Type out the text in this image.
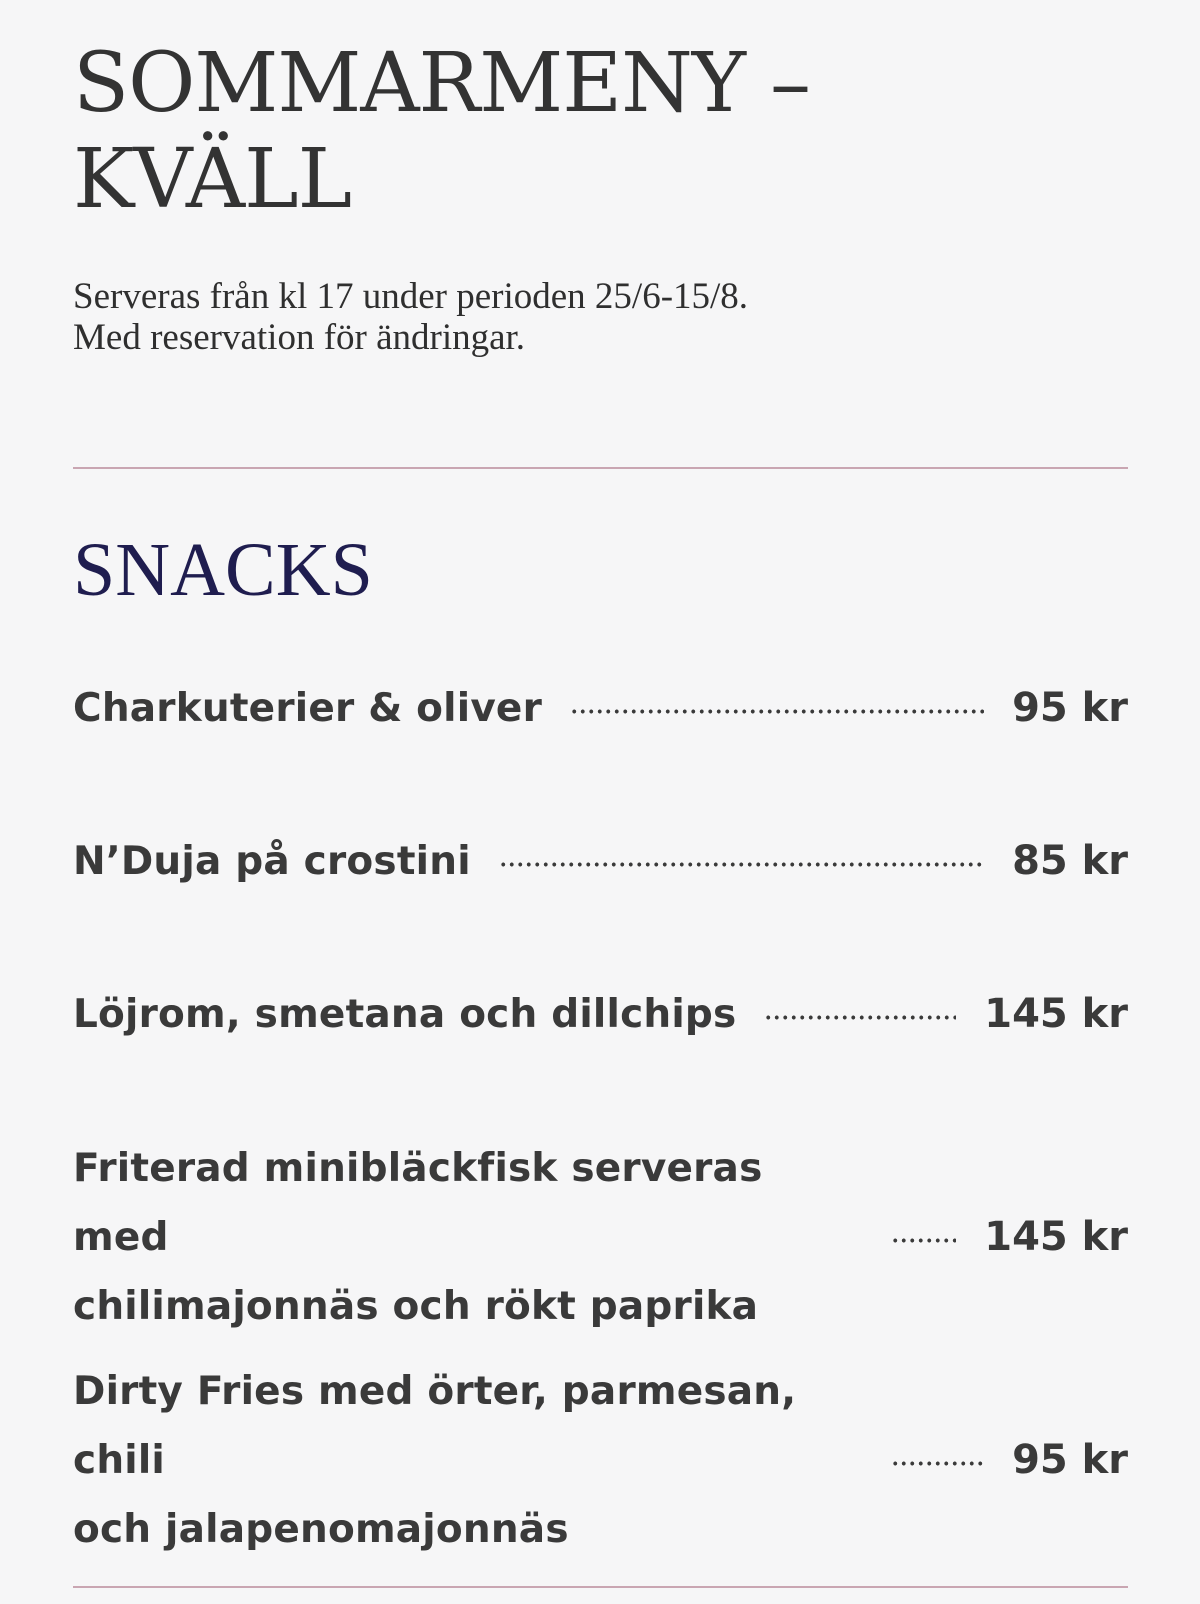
SOMMARMENY –
KVÄLL
Serveras från kl 17 under perioden 25/6-15/8.
Med reservation för ändringar.
SNACKS
Charkuterier & oliver	95 kr
N’Duja på crostini	85 kr
Löjrom, smetana och dillchips	145 kr
Friterad minibläckfisk serveras med
chilimajonnäs och rökt paprika
145 kr
Dirty Fries med örter, parmesan, chili
och jalapenomajonnäs
95 kr
